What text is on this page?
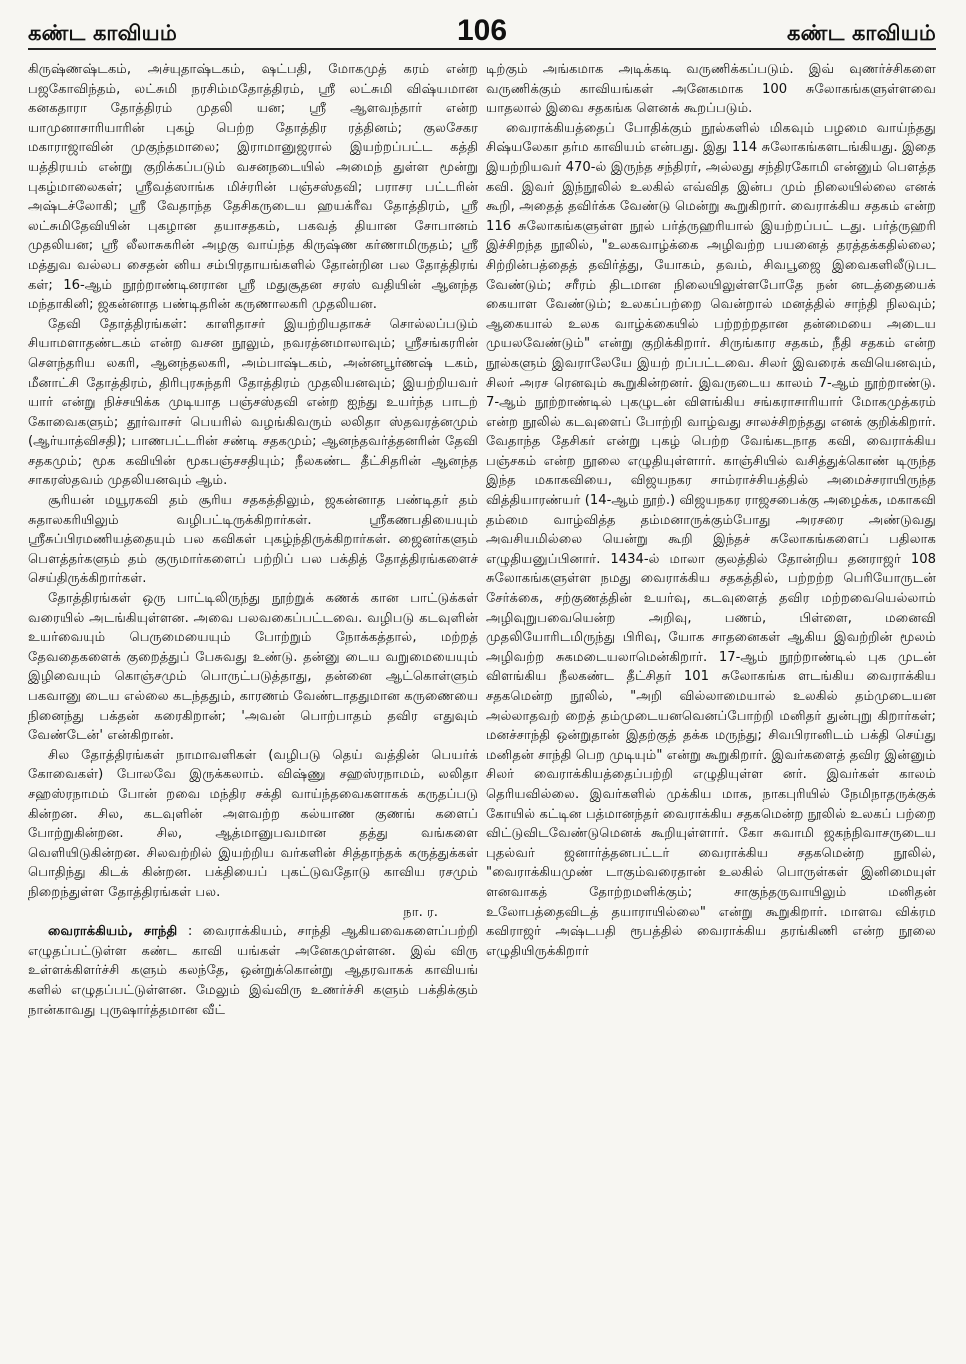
கண்ட காவியம்	106	கண்ட காவியம்

கிருஷ்ணஷ்டகம், அச்யுதாஷ்டகம், ஷட்பதி, மோகமுத் கரம் என்ற பஜகோவிந்தம், லட்சுமி நரசிம்மதோத்திரம், ஸ்ரீ லட்சுமி விஷ்யமான கனகதாரா தோத்திரம் முதலி யன; ஸ்ரீ ஆளவந்தார் என்ற யாமுனாசாரியாரின் புகழ் பெற்ற தோத்திர ரத்தினம்; குலசேகர மகாராஜாவின் முகுந்தமாலை; இராமானுஜரால் இயற்றப்பட்ட கத்தி யத்திரயம் என்று குறிக்கப்படும் வசனநடையில் அமைந் துள்ள மூன்று புகழ்மாலைகள்; ஸ்ரீவத்ஸாங்க மிச்ரரின் பஞ்சஸ்தவி; பராசர பட்டரின் அஷ்டச்லோகி; ஸ்ரீ வேதாந்த தேசிகருடைய ஹயக்ரீவ தோத்திரம், ஸ்ரீ லட்சுமிதேவியின் புகழான தயாசதகம், பகவத் தியான சோபானம் முதலியன; ஸ்ரீ லீலாசுகரின் அழகு வாய்ந்த கிருஷ்ண கர்ணாமிருதம்; ஸ்ரீ மத்துவ வல்லப சைதன் னிய சம்பிரதாயங்களில் தோன்றின பல தோத்திரங் கள்; 16-ஆம் நூற்றாண்டினரான ஸ்ரீ மதுசூதன சரஸ் வதியின் ஆனந்த மந்தாகினி; ஜகன்னாத பண்டிதரின் கருணாலகரி முதலியன.

தேவி தோத்திரங்கள்: காளிதாசர் இயற்றியதாகச் சொல்லப்படும் சியாமளாதண்டகம் என்ற வசன நூலும், நவரத்னமாலாவும்; ஸ்ரீசங்கரரின் சௌந்தரிய லகரி, ஆனந்தலகரி, அம்பாஷ்டகம், அன்னபூர்ணஷ் டகம், மீனாட்சி தோத்திரம், திரிபுரசுந்தரி தோத்திரம் முதலியனவும்; இயற்றியவர் யார் என்று நிச்சயிக்க முடியாத பஞ்சஸ்தவி என்ற ஐந்து உயர்ந்த பாடற் கோவைகளும்; தூர்வாசர் பெயரில் வழங்கிவரும் லலிதா ஸ்தவரத்னமும் (ஆர்யாத்விசதி); பாணபட்டரின் சண்டி சதகமும்; ஆனந்தவர்த்தனரின் தேவி சதகமும்; மூக கவியின் மூகபஞ்சசதியும்; நீலகண்ட தீட்சிதரின் ஆனந்த சாகரஸ்தவம் முதலியனவும் ஆம்.

சூரியன் மயூரகவி தம் சூரிய சதகத்திலும், ஜகன்னாத பண்டிதர் தம் சுதாலகரியிலும் வழிபட்டிருக்கிறார்கள். ஸ்ரீகணபதியையும் ஸ்ரீசுப்பிரமணியத்தையும் பல கவிகள் புகழ்ந்திருக்கிறார்கள். ஜைனர்களும் பௌத்தர்களும் தம் குருமார்களைப் பற்றிப் பல பக்தித் தோத்திரங்களைச் செய்திருக்கிறார்கள்.

தோத்திரங்கள் ஒரு பாட்டிலிருந்து நூற்றுக் கணக் கான பாட்டுக்கள் வரையில் அடங்கியுள்ளன. அவை பலவகைப்பட்டவை. வழிபடு கடவுளின் உயர்வையும் பெருமையையும் போற்றும் நோக்கத்தால், மற்றத் தேவதைகளைக் குறைத்துப் பேசுவது உண்டு. தன்னு டைய வறுமையையும் இழிவையும் கொஞ்சமும் பொருட்படுத்தாது, தன்னை ஆட்கொள்ளும் பகவானு டைய எல்லை கடந்ததும், காரணம் வேண்டாததுமான கருணையை நினைந்து பக்தன் கரைகிறான்; 'அவன் பொற்பாதம் தவிர எதுவும் வேண்டேன்' என்கிறான்.

சில தோத்திரங்கள் நாமாவளிகள் (வழிபடு தெய் வத்தின் பெயர்க் கோவைகள்) போலவே இருக்கலாம். விஷ்ணு சஹஸ்ரநாமம், லலிதா சஹஸ்ரநாமம் போன் றவை மந்திர சக்தி வாய்ந்தவைகளாகக் கருதப்படு கின்றன. சில, கடவுளின் அளவற்ற கல்யாண குணங் களைப் போற்றுகின்றன. சில, ஆத்மானுபவமான தத்து வங்களை வெளியிடுகின்றன. சிலவற்றில் இயற்றிய வர்களின் சித்தாந்தக் கருத்துக்கள் பொதிந்து கிடக் கின்றன. பக்தியைப் புகட்டுவதோடு காவிய ரசமும் நிறைந்துள்ள தோத்திரங்கள் பல.

நா. ர.

வைராக்கியம், சாந்தி : வைராக்கியம், சாந்தி ஆகியவைகளைப்பற்றி எழுதப்பட்டுள்ள கண்ட காவி யங்கள் அனேகமுள்ளன. இவ் விரு உள்ளக்கிளர்ச்சி களும் கலந்தே, ஒன்றுக்கொன்று ஆதரவாகக் காவியங் களில் எழுதப்பட்டுள்ளன. மேலும் இவ்விரு உணர்ச்சி களும் பக்திக்கும் நான்காவது புருஷார்த்தமான வீட்

டிற்கும் அங்கமாக அடிக்கடி வருணிக்கப்படும். இவ் வுணர்ச்சிகளை வருணிக்கும் காவியங்கள் அனேகமாக 100 சுலோகங்களுள்ளவை யாதலால் இவை சதகங்க ளெனக் கூறப்படும்.

வைராக்கியத்தைப் போதிக்கும் நூல்களில் மிகவும் பழமை வாய்ந்தது சிஷ்யலேகா தர்ம காவியம் என்பது. இது 114 சுலோகங்களடங்கியது. இதை இயற்றியவர் 470-ல் இருந்த சந்திரர், அல்லது சந்திரகோமி என்னும் பௌத்த கவி. இவர் இந்நூலில் உலகில் எவ்வித இன்ப மும் நிலையில்லை எனக் கூறி, அதைத் தவிர்க்க வேண்டு மென்று கூறுகிறார். வைராக்கிய சதகம் என்ற 116 சுலோகங்களுள்ள நூல் பர்த்ருஹரியால் இயற்றப்பட் டது. பர்த்ருஹரி இச்சிறந்த நூலில், "உலகவாழ்க்கை அழிவற்ற பயனைத் தரத்தக்கதில்லை; சிற்றின்பத்தைத் தவிர்த்து, யோகம், தவம், சிவபூஜை இவைகளிலீடுபட வேண்டும்; சரீரம் திடமான நிலையிலுள்ளபோதே நன் னடத்தையைக் கையாள வேண்டும்; உலகப்பற்றை வென்றால் மனத்தில் சாந்தி நிலவும்; ஆகையால் உலக வாழ்க்கையில் பற்றற்றதான தன்மையை அடைய முயலவேண்டும்" என்று குறிக்கிறார். சிருங்கார சதகம், நீதி சதகம் என்ற நூல்களும் இவராலேயே இயற் றப்பட்டவை. சிலர் இவரைக் கவியெனவும், சிலர் அரச ரெனவும் கூறுகின்றனர். இவருடைய காலம் 7-ஆம் நூற்றாண்டு. 7-ஆம் நூற்றாண்டில் புகழுடன் விளங்கிய சங்கராசாரியார் மோகமுத்கரம் என்ற நூலில் கடவுளைப் போற்றி வாழ்வது சாலச்சிறந்தது எனக் குறிக்கிறார். வேதாந்த தேசிகர் என்று புகழ் பெற்ற வேங்கடநாத கவி, வைராக்கிய பஞ்சகம் என்ற நூலை எழுதியுள்ளார். காஞ்சியில் வசித்துக்கொண் டிருந்த இந்த மகாகவியை, விஜயநகர சாம்ராச்சியத்தில் அமைச்சராயிருந்த வித்தியாரண்யர் (14-ஆம் நூற்.) விஜயநகர ராஜசபைக்கு அழைக்க, மகாகவி தம்மை வாழ்வித்த தம்மனாருக்கும்போது அரசரை அண்டுவது அவசியமில்லை யென்று கூறி இந்தச் சுலோகங்களைப் பதிலாக எழுதியனுப்பினார். 1434-ல் மாலா குலத்தில் தோன்றிய தனராஜர் 108 சுலோகங்களுள்ள நமது வைராக்கிய சதகத்தில், பற்றற்ற பெரியோருடன் சேர்க்கை, சற்குணத்தின் உயர்வு, கடவுளைத் தவிர மற்றவையெல்லாம் அழிவுறுபவையென்ற அறிவு, பணம், பிள்ளை, மனைவி முதலியோரிடமிருந்து பிரிவு, யோக சாதனைகள் ஆகிய இவற்றின் மூலம் அழிவற்ற சுகமடையலாமென்கிறார். 17-ஆம் நூற்றாண்டில் புக முடன் விளங்கிய நீலகண்ட தீட்சிதர் 101 சுலோகங்க ளடங்கிய வைராக்கிய சதகமென்ற நூலில், "அறி வில்லாமையால் உலகில் தம்முடையன அல்லாதவற் றைத் தம்முடையனவெனப்போற்றி மனிதர் துன்புறு கிறார்கள்; மனச்சாந்தி ஒன்றுதான் இதற்குத் தக்க மருந்து; சிவபிரானிடம் பக்தி செய்து மனிதன் சாந்தி பெற முடியும்" என்று கூறுகிறார். இவர்களைத் தவிர இன்னும் சிலர் வைராக்கியத்தைப்பற்றி எழுதியுள்ள னர். இவர்கள் காலம் தெரியவில்லை. இவர்களில் முக்கிய மாக, நாகபுரியில் நேமிநாதருக்குக் கோயில் கட்டின பத்மானந்தர் வைராக்கிய சதகமென்ற நூலில் உலகப் பற்றை விட்டுவிடவேண்டுமெனக் கூறியுள்ளார். கோ சுவாமி ஜகந்நிவாசருடைய புதல்வர் ஜனார்த்தனபட்டர் வைராக்கிய சதகமென்ற நூலில், "வைராக்கியமுண் டாகும்வரைதான் உலகில் பொருள்கள் இனிமையுள் ளனவாகத் தோற்றமளிக்கும்; சாகுந்தருவாயிலும் மனிதன் உலோபத்தைவிடத் தயாராயில்லை" என்று கூறுகிறார். மாளவ விக்ரம கவிராஜர் அஷ்டபதி ரூபத்தில் வைராக்கிய தரங்கிணி என்ற நூலை எழுதியிருக்கிறார்
